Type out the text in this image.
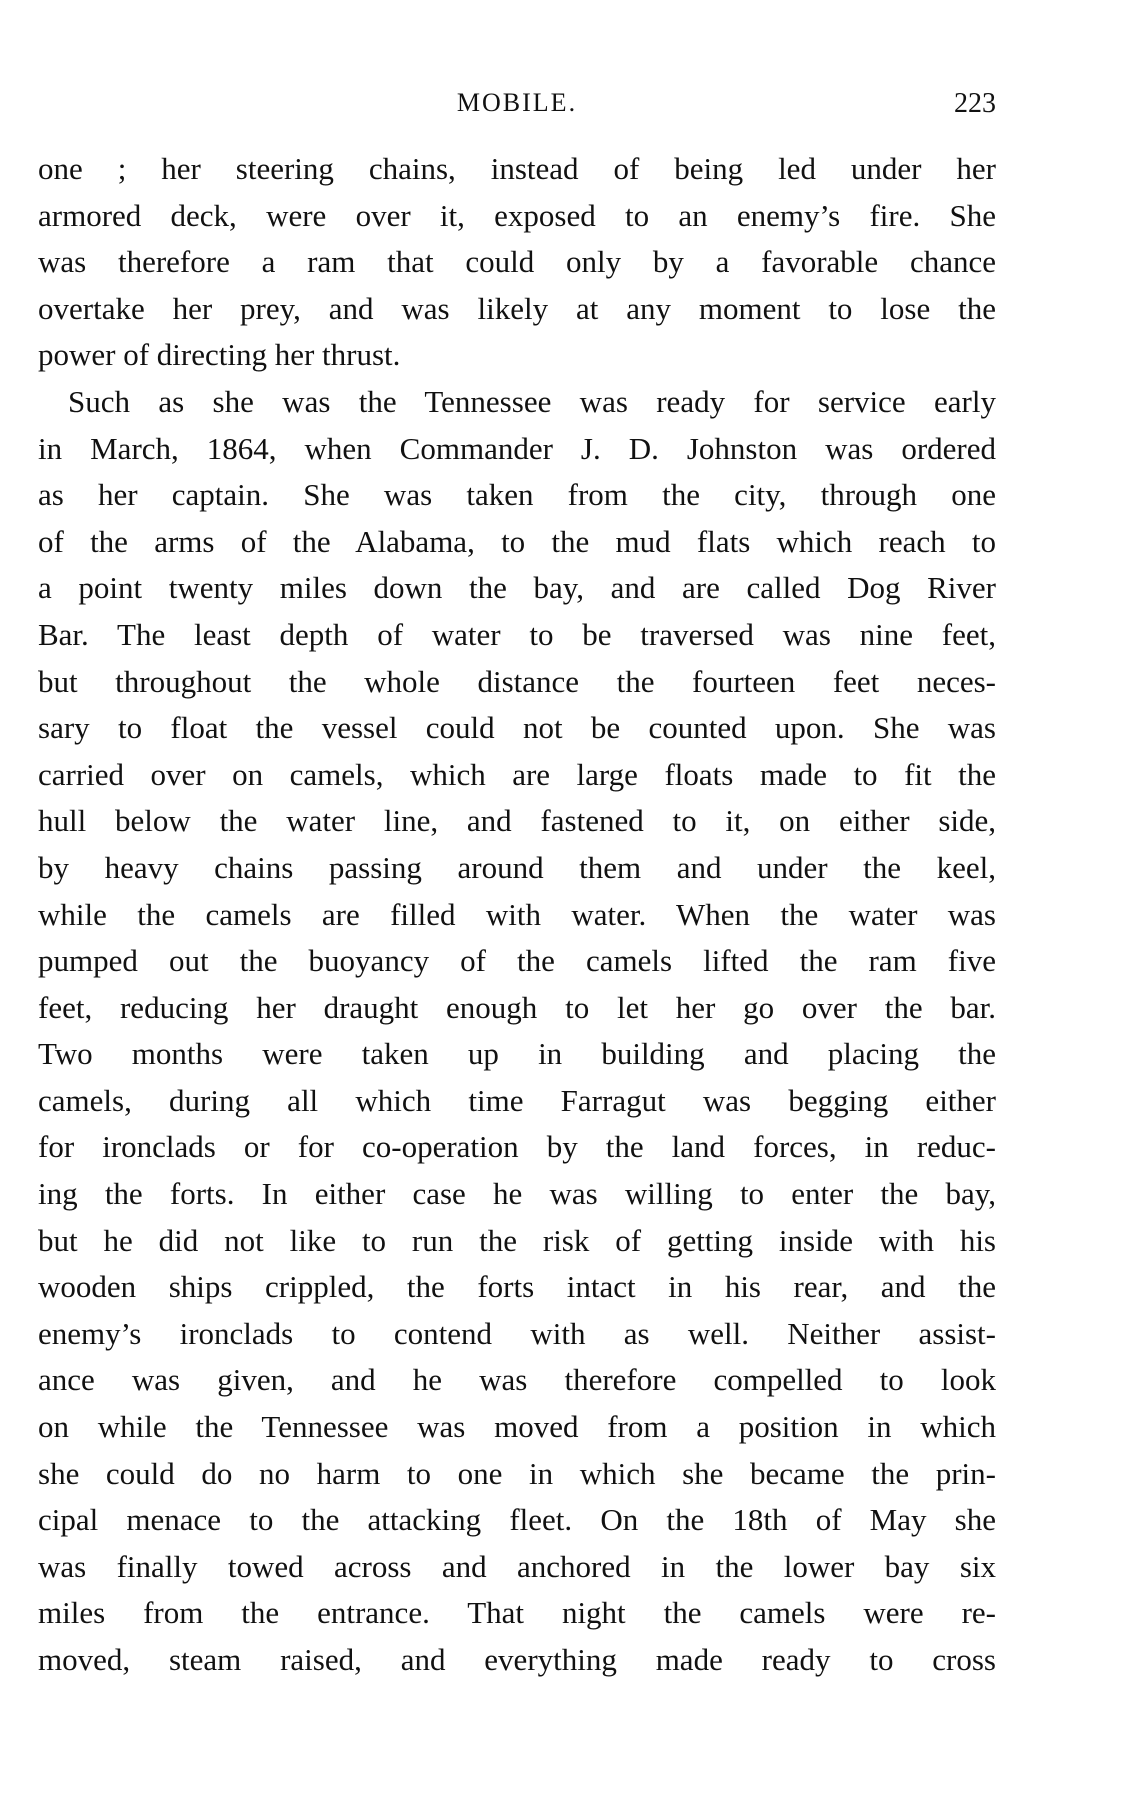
MOBILE.	223
one ; her steering chains, instead of being led under her
armored deck, were over it, exposed to an enemy’s fire. She
was therefore a ram that could only by a favorable chance
overtake her prey, and was likely at any moment to lose the
power of directing her thrust.
Such as she was the Tennessee was ready for service early
in March, 1864, when Commander J. D. Johnston was ordered
as her captain. She was taken from the city, through one
of the arms of the Alabama, to the mud flats which reach to
a point twenty miles down the bay, and are called Dog River
Bar. The least depth of water to be traversed was nine feet,
but throughout the whole distance the fourteen feet neces-
sary to float the vessel could not be counted upon. She was
carried over on camels, which are large floats made to fit the
hull below the water line, and fastened to it, on either side,
by heavy chains passing around them and under the keel,
while the camels are filled with water. When the water was
pumped out the buoyancy of the camels lifted the ram five
feet, reducing her draught enough to let her go over the bar.
Two months were taken up in building and placing the
camels, during all which time Farragut was begging either
for ironclads or for co-operation by the land forces, in reduc-
ing the forts. In either case he was willing to enter the bay,
but he did not like to run the risk of getting inside with his
wooden ships crippled, the forts intact in his rear, and the
enemy’s ironclads to contend with as well. Neither assist-
ance was given, and he was therefore compelled to look
on while the Tennessee was moved from a position in which
she could do no harm to one in which she became the prin-
cipal menace to the attacking fleet. On the 18th of May she
was finally towed across and anchored in the lower bay six
miles from the entrance. That night the camels were re-
moved, steam raised, and everything made ready to cross
